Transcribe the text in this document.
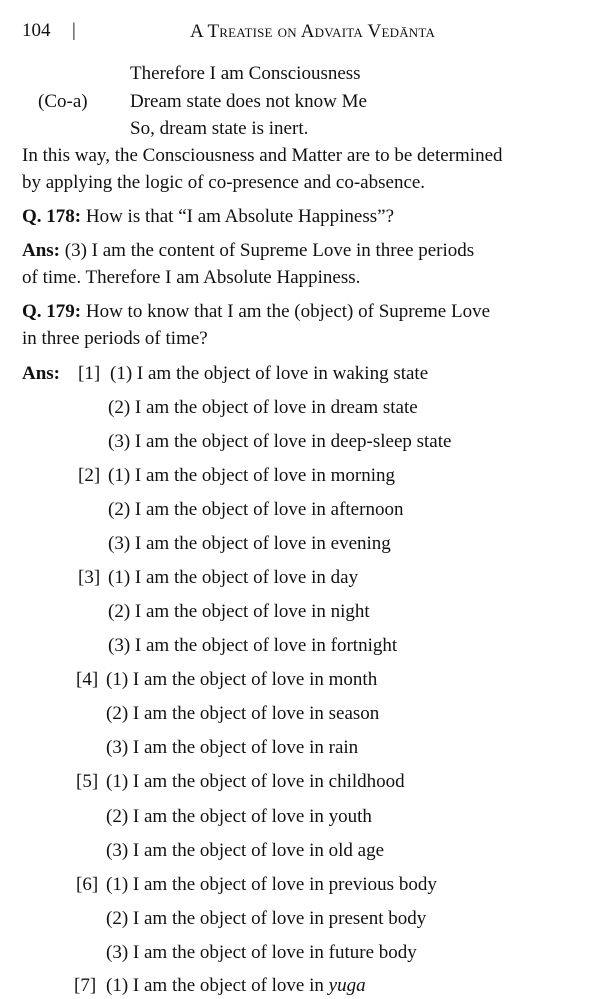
104 |	A Treatise on Advaita Vedānta
Therefore I am Consciousness
(Co-a) Dream state does not know Me
So, dream state is inert.
In this way, the Consciousness and Matter are to be determined
by applying the logic of co-presence and co-absence.
Q. 178: How is that “I am Absolute Happiness”?
Ans: (3) I am the content of Supreme Love in three periods
of time. Therefore I am Absolute Happiness.
Q. 179: How to know that I am the (object) of Supreme Love
in three periods of time?
Ans: [1] (1) I am the object of love in waking state
(2) I am the object of love in dream state
(3) I am the object of love in deep-sleep state
[2] (1) I am the object of love in morning
(2) I am the object of love in afternoon
(3) I am the object of love in evening
[3] (1) I am the object of love in day
(2) I am the object of love in night
(3) I am the object of love in fortnight
[4] (1) I am the object of love in month
(2) I am the object of love in season
(3) I am the object of love in rain
[5] (1) I am the object of love in childhood
(2) I am the object of love in youth
(3) I am the object of love in old age
[6] (1) I am the object of love in previous body
(2) I am the object of love in present body
(3) I am the object of love in future body
[7] (1) I am the object of love in yuga
